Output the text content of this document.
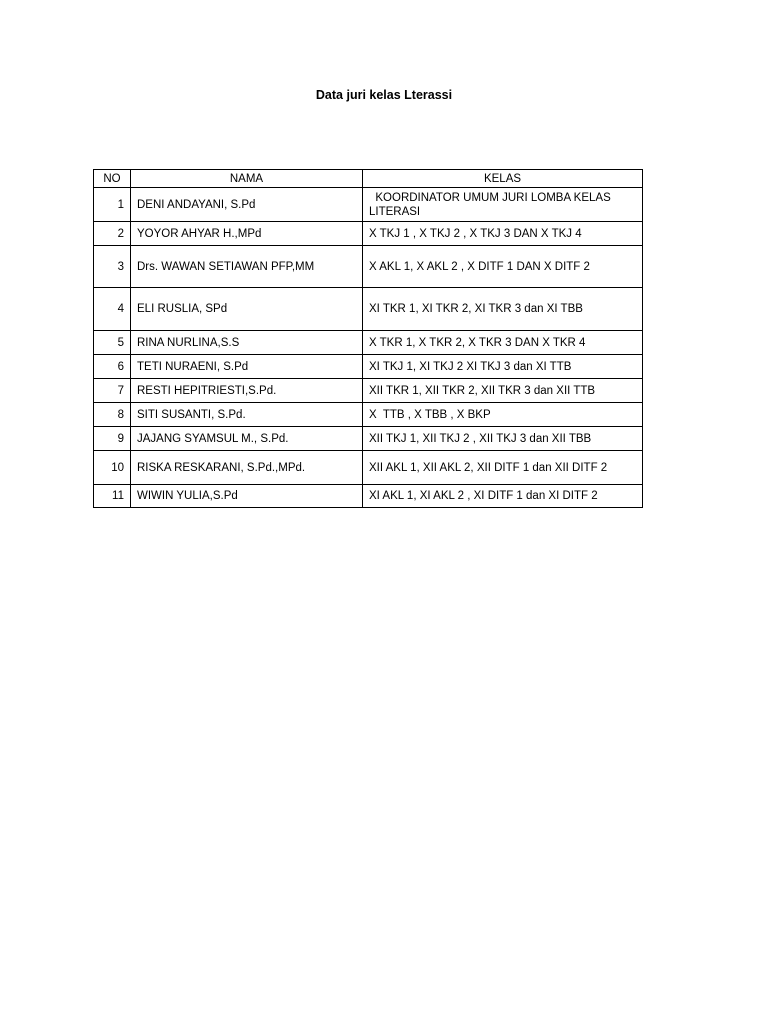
Data juri kelas Lterassi
NO	NAMA	KELAS
1	DENI ANDAYANI, S.Pd	KOORDINATOR UMUM JURI LOMBA KELAS LITERASI
2	YOYOR AHYAR H.,MPd	X TKJ 1 , X TKJ 2 , X TKJ 3 DAN X TKJ 4
3	Drs. WAWAN SETIAWAN PFP,MM	X AKL 1, X AKL 2 , X DITF 1 DAN X DITF 2
4	ELI RUSLIA, SPd	XI TKR 1, XI TKR 2, XI TKR 3 dan XI TBB
5	RINA NURLINA,S.S	X TKR 1, X TKR 2, X TKR 3 DAN X TKR 4
6	TETI NURAENI, S.Pd	XI TKJ 1, XI TKJ 2 XI TKJ 3 dan XI TTB
7	RESTI HEPITRIESTI,S.Pd.	XII TKR 1, XII TKR 2, XII TKR 3 dan XII TTB
8	SITI SUSANTI, S.Pd.	X  TTB , X TBB , X BKP
9	JAJANG SYAMSUL M., S.Pd.	XII TKJ 1, XII TKJ 2 , XII TKJ 3 dan XII TBB
10	RISKA RESKARANI, S.Pd.,MPd.	XII AKL 1, XII AKL 2, XII DITF 1 dan XII DITF 2
11	WIWIN YULIA,S.Pd	XI AKL 1, XI AKL 2 , XI DITF 1 dan XI DITF 2
